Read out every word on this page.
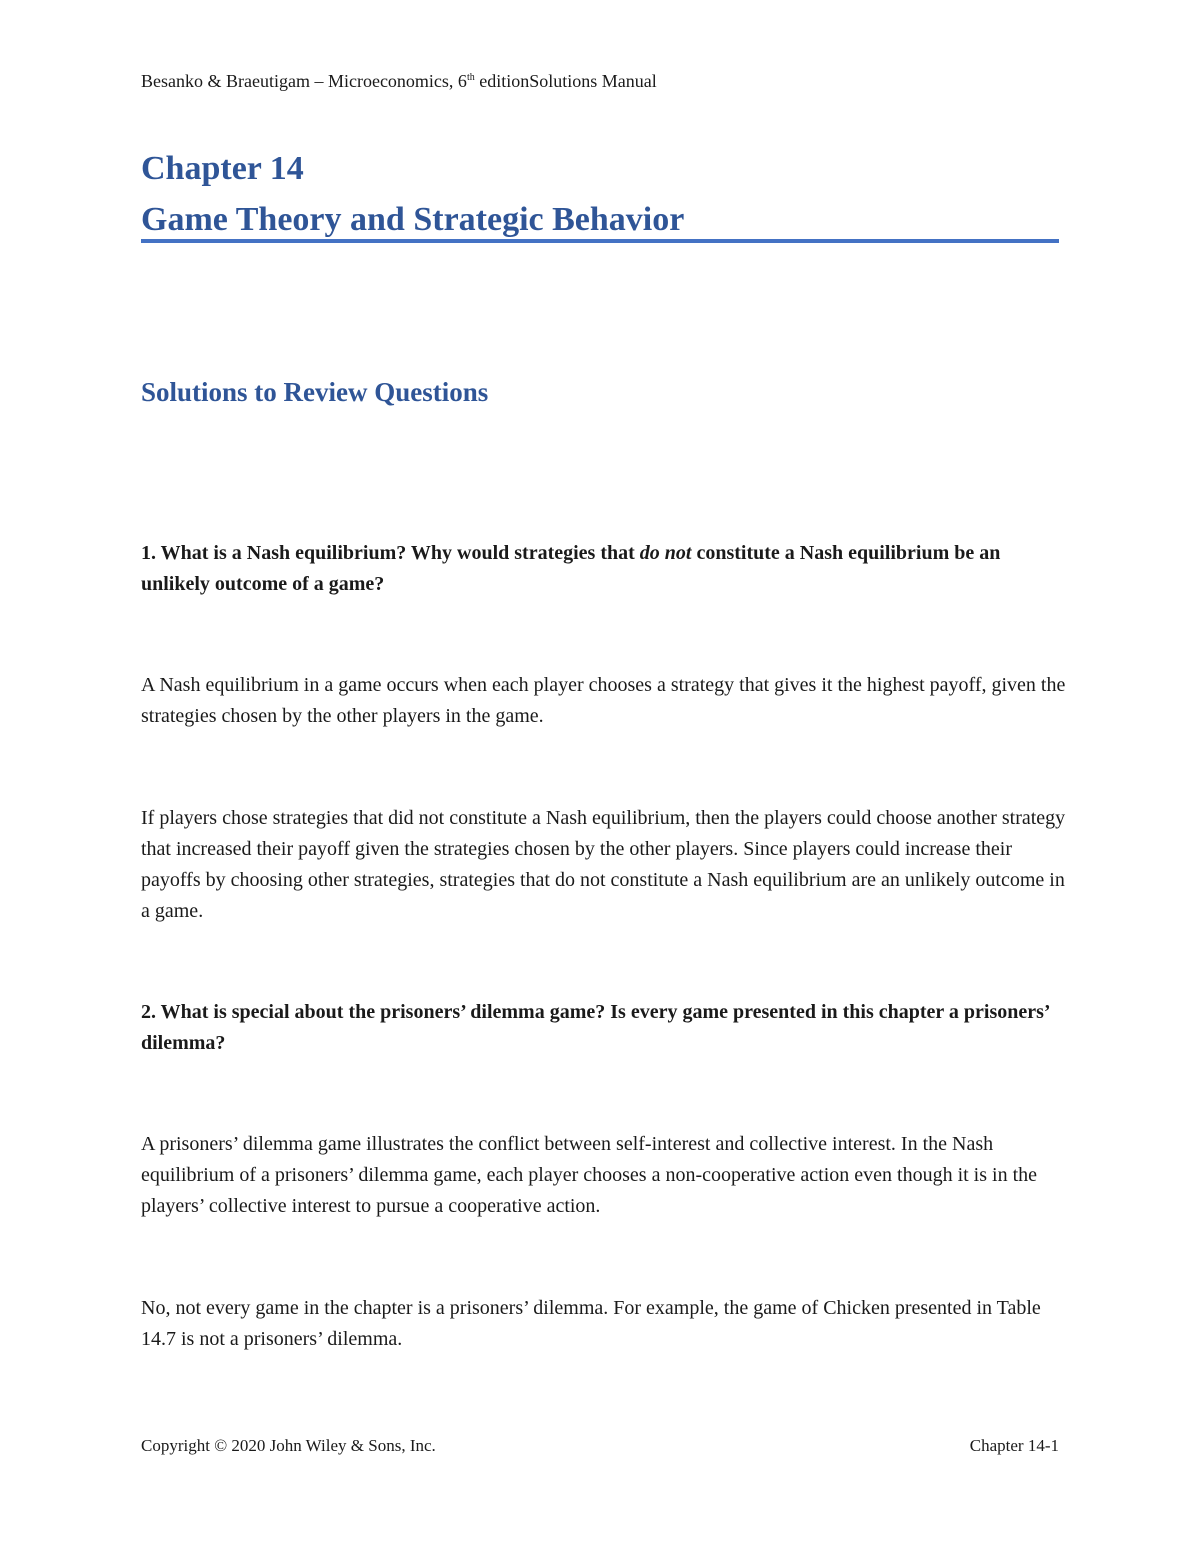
Besanko & Braeutigam – Microeconomics, 6th editionSolutions Manual
Chapter 14
Game Theory and Strategic Behavior
Solutions to Review Questions
1. What is a Nash equilibrium? Why would strategies that do not constitute a Nash equilibrium be an unlikely outcome of a game?
A Nash equilibrium in a game occurs when each player chooses a strategy that gives it the highest payoff, given the strategies chosen by the other players in the game.
If players chose strategies that did not constitute a Nash equilibrium, then the players could choose another strategy that increased their payoff given the strategies chosen by the other players. Since players could increase their payoffs by choosing other strategies, strategies that do not constitute a Nash equilibrium are an unlikely outcome in a game.
2. What is special about the prisoners’ dilemma game? Is every game presented in this chapter a prisoners’ dilemma?
A prisoners’ dilemma game illustrates the conflict between self-interest and collective interest. In the Nash equilibrium of a prisoners’ dilemma game, each player chooses a non-cooperative action even though it is in the players’ collective interest to pursue a cooperative action.
No, not every game in the chapter is a prisoners’ dilemma. For example, the game of Chicken presented in Table 14.7 is not a prisoners’ dilemma.
Copyright © 2020 John Wiley & Sons, Inc.	Chapter 14-1
